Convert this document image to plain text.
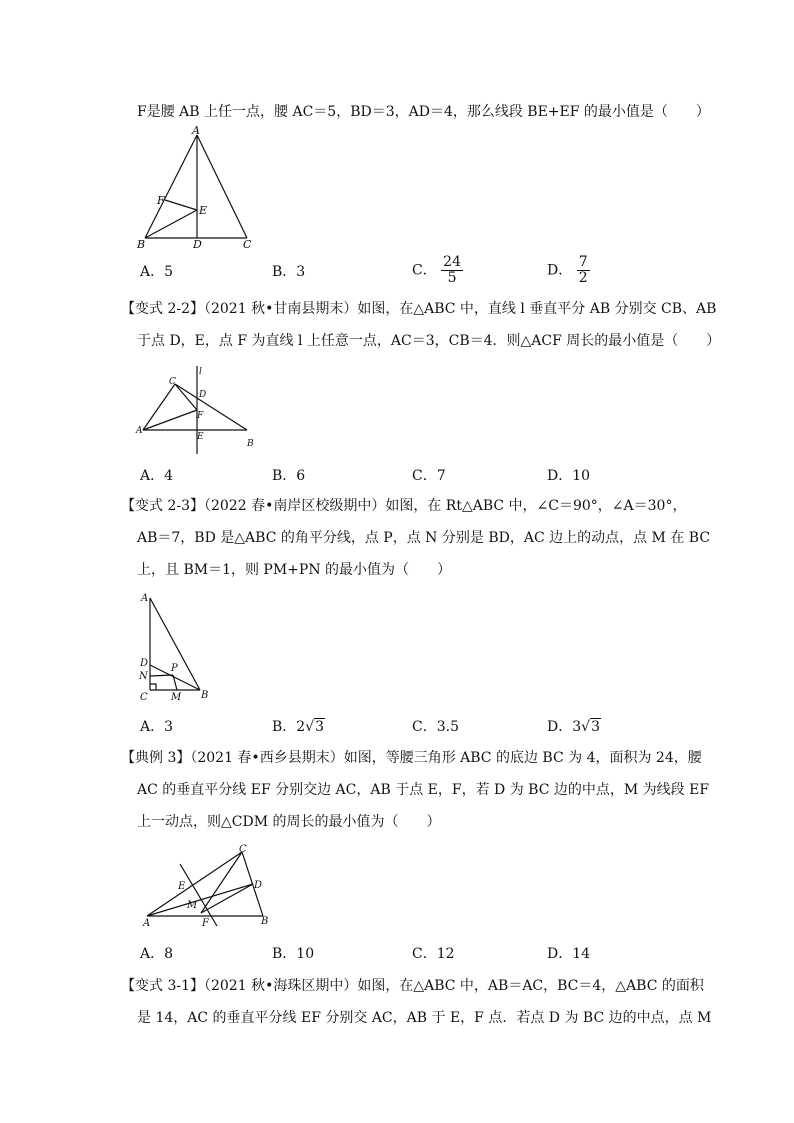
F是腰 AB 上任一点，腰 AC＝5，BD＝3，AD＝4，那么线段 BE+EF 的最小值是（　　）
A
B	C
D
E
F
A．5	B．3	C． $\frac{24}{5}$	D． $\frac{7}{2}$
【变式 2-2】（2021 秋•甘南县期末）如图，在△ABC 中，直线 l 垂直平分 AB 分别交 CB、AB
于点 D，E，点 F 为直线 l 上任意一点，AC＝3，CB＝4．则△ACF 周长的最小值是（　　）
l
C
D
F
A
E
B
A．4	B．6	C．7	D．10
【变式 2-3】（2022 春•南岸区校级期中）如图，在 Rt△ABC 中，∠C＝90°，∠A＝30°，
AB＝7，BD 是△ABC 的角平分线，点 P，点 N 分别是 BD，AC 边上的动点，点 M 在 BC
上，且 BM＝1，则 PM+PN 的最小值为（　　）
A
D P
N
C M B
A．3	B．2√3	C．3.5	D．3√3
【典例 3】（2021 春•西乡县期末）如图，等腰三角形 ABC 的底边 BC 为 4，面积为 24，腰
AC 的垂直平分线 EF 分别交边 AC，AB 于点 E，F，若 D 为 BC 边的中点，M 为线段 EF
上一动点，则△CDM 的周长的最小值为（　　）
C
E	D
M
A	F	B
A．8	B．10	C．12	D．14
【变式 3-1】（2021 秋•海珠区期中）如图，在△ABC 中，AB＝AC，BC＝4，△ABC 的面积
是 14，AC 的垂直平分线 EF 分别交 AC，AB 于 E，F 点．若点 D 为 BC 边的中点，点 M
